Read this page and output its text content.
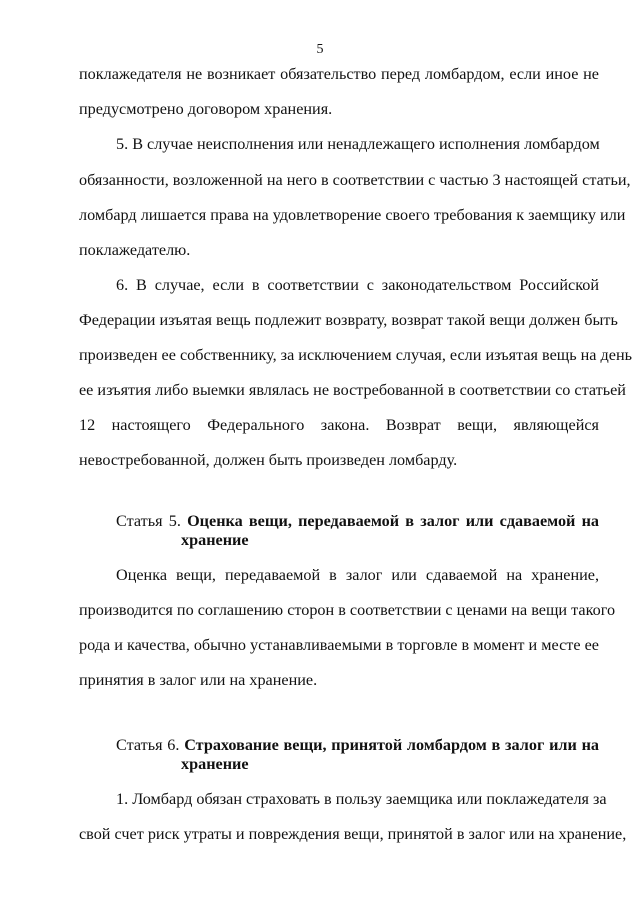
5
поклажедателя не возникает обязательство перед ломбардом, если иное не
предусмотрено договором хранения.
5. В случае неисполнения или ненадлежащего исполнения ломбардом
обязанности, возложенной на него в соответствии с частью 3 настоящей статьи,
ломбард лишается права на удовлетворение своего требования к заемщику или
поклажедателю.
6. В случае, если в соответствии с законодательством Российской
Федерации изъятая вещь подлежит возврату, возврат такой вещи должен быть
произведен ее собственнику, за исключением случая, если изъятая вещь на день
ее изъятия либо выемки являлась не востребованной в соответствии со статьей
12 настоящего Федерального закона. Возврат вещи, являющейся
невостребованной, должен быть произведен ломбарду.
Статья 5. Оценка вещи, передаваемой в залог или сдаваемой на
хранение
Оценка вещи, передаваемой в залог или сдаваемой на хранение,
производится по соглашению сторон в соответствии с ценами на вещи такого
рода и качества, обычно устанавливаемыми в торговле в момент и месте ее
принятия в залог или на хранение.
Статья 6. Страхование вещи, принятой ломбардом в залог или на
хранение
1. Ломбард обязан страховать в пользу заемщика или поклажедателя за
свой счет риск утраты и повреждения вещи, принятой в залог или на хранение,
